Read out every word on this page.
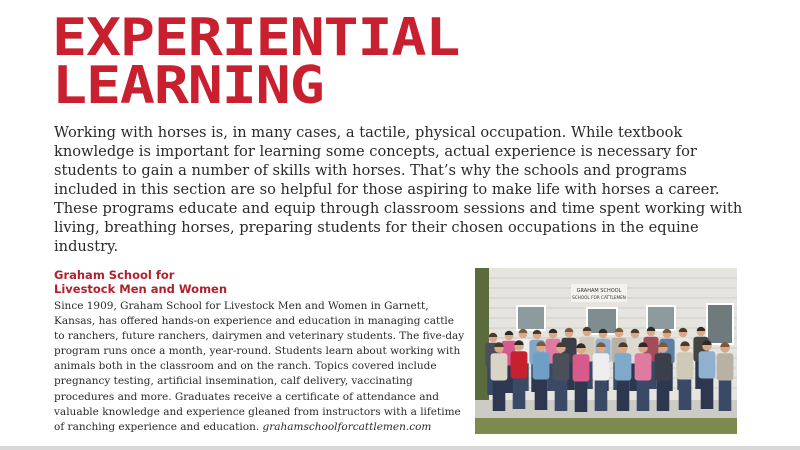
EXPERIENTIAL
LEARNING

Working with horses is, in many cases, a tactile, physical occupation. While textbook knowledge is important for learning some concepts, actual experience is necessary for students to gain a number of skills with horses. That’s why the schools and programs included in this section are so helpful for those aspiring to make life with horses a career. These programs educate and equip through classroom sessions and time spent working with living, breathing horses, preparing students for their chosen occupations in the equine industry.

Graham School for
Livestock Men and Women

Since 1909, Graham School for Livestock Men and Women in Garnett, Kansas, has offered hands-on experience and education in managing cattle to ranchers, future ranchers, dairymen and veterinary students. The five-day program runs once a month, year-round. Students learn about working with animals both in the classroom and on the ranch. Topics covered include pregnancy testing, artificial insemination, calf delivery, vaccinating procedures and more. Graduates receive a certificate of attendance and valuable knowledge and experience gleaned from instructors with a lifetime of ranching experience and education. grahamschoolforcattlemen.com

GRAHAM SCHOOL
SCHOOL FOR CATTLEMEN
